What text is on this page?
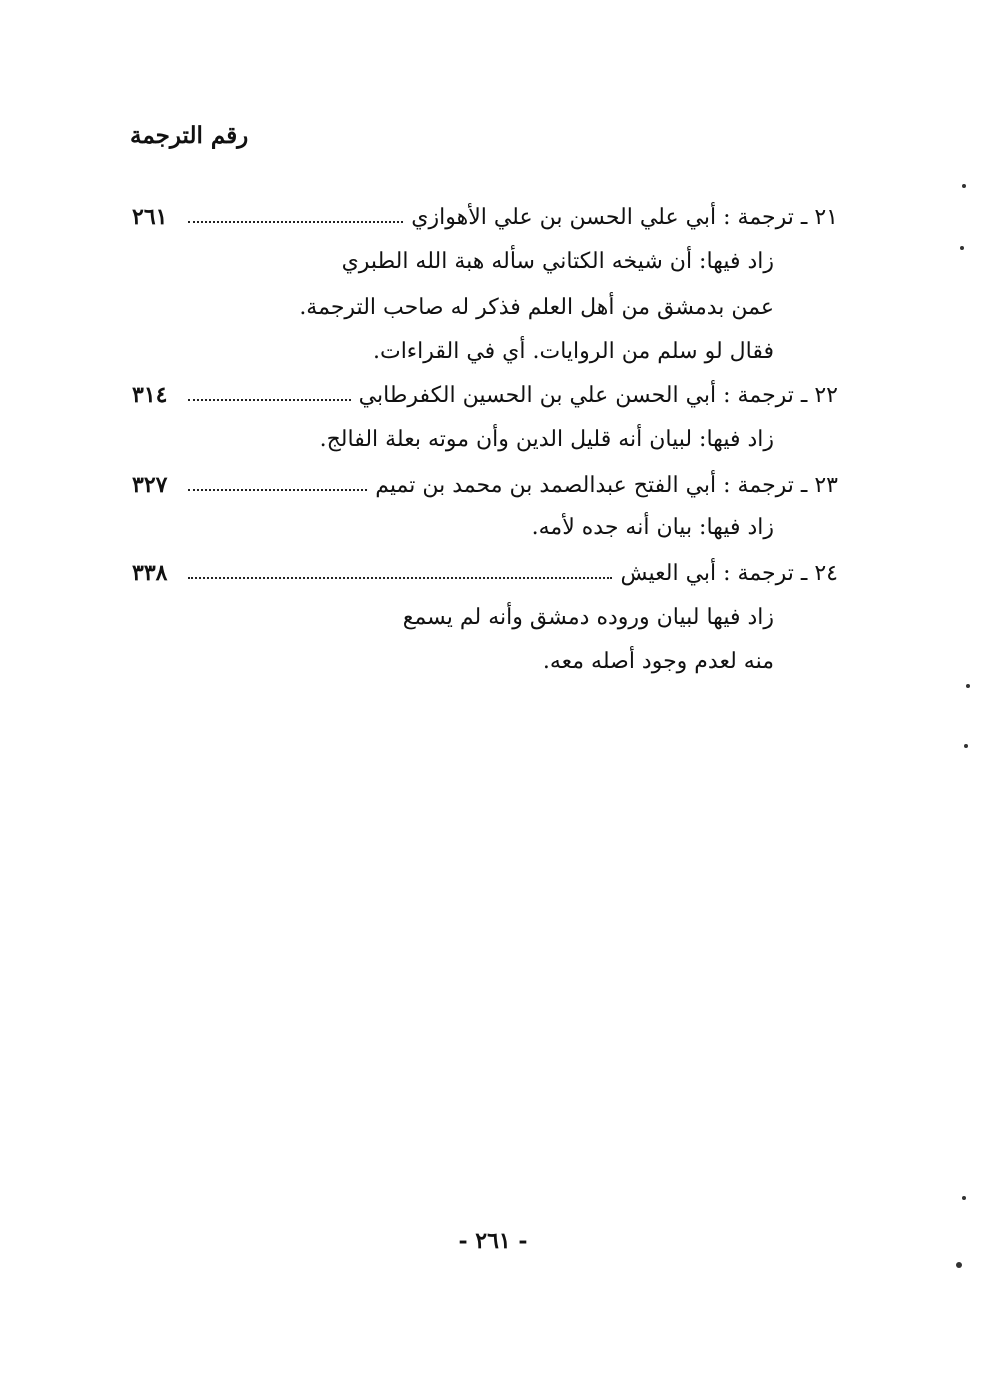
رقم الترجمة
٢١ ـ ترجمة : أبي علي الحسن بن علي الأهوازي
٢٦١
زاد فيها: أن شيخه الكتاني سأله هبة الله الطبري
عمن بدمشق من أهل العلم فذكر له صاحب الترجمة.
فقال لو سلم من الروايات. أي في القراءات.
٢٢ ـ ترجمة : أبي الحسن علي بن الحسين الكفرطابي
٣١٤
زاد فيها: لبيان أنه قليل الدين وأن موته بعلة الفالج.
٢٣ ـ ترجمة : أبي الفتح عبدالصمد بن محمد بن تميم
٣٢٧
زاد فيها: بيان أنه جده لأمه.
٢٤ ـ ترجمة : أبي العيش
٣٣٨
زاد فيها لبيان وروده دمشق وأنه لم يسمع
منه لعدم وجود أصله معه.
- ٢٦١ -
